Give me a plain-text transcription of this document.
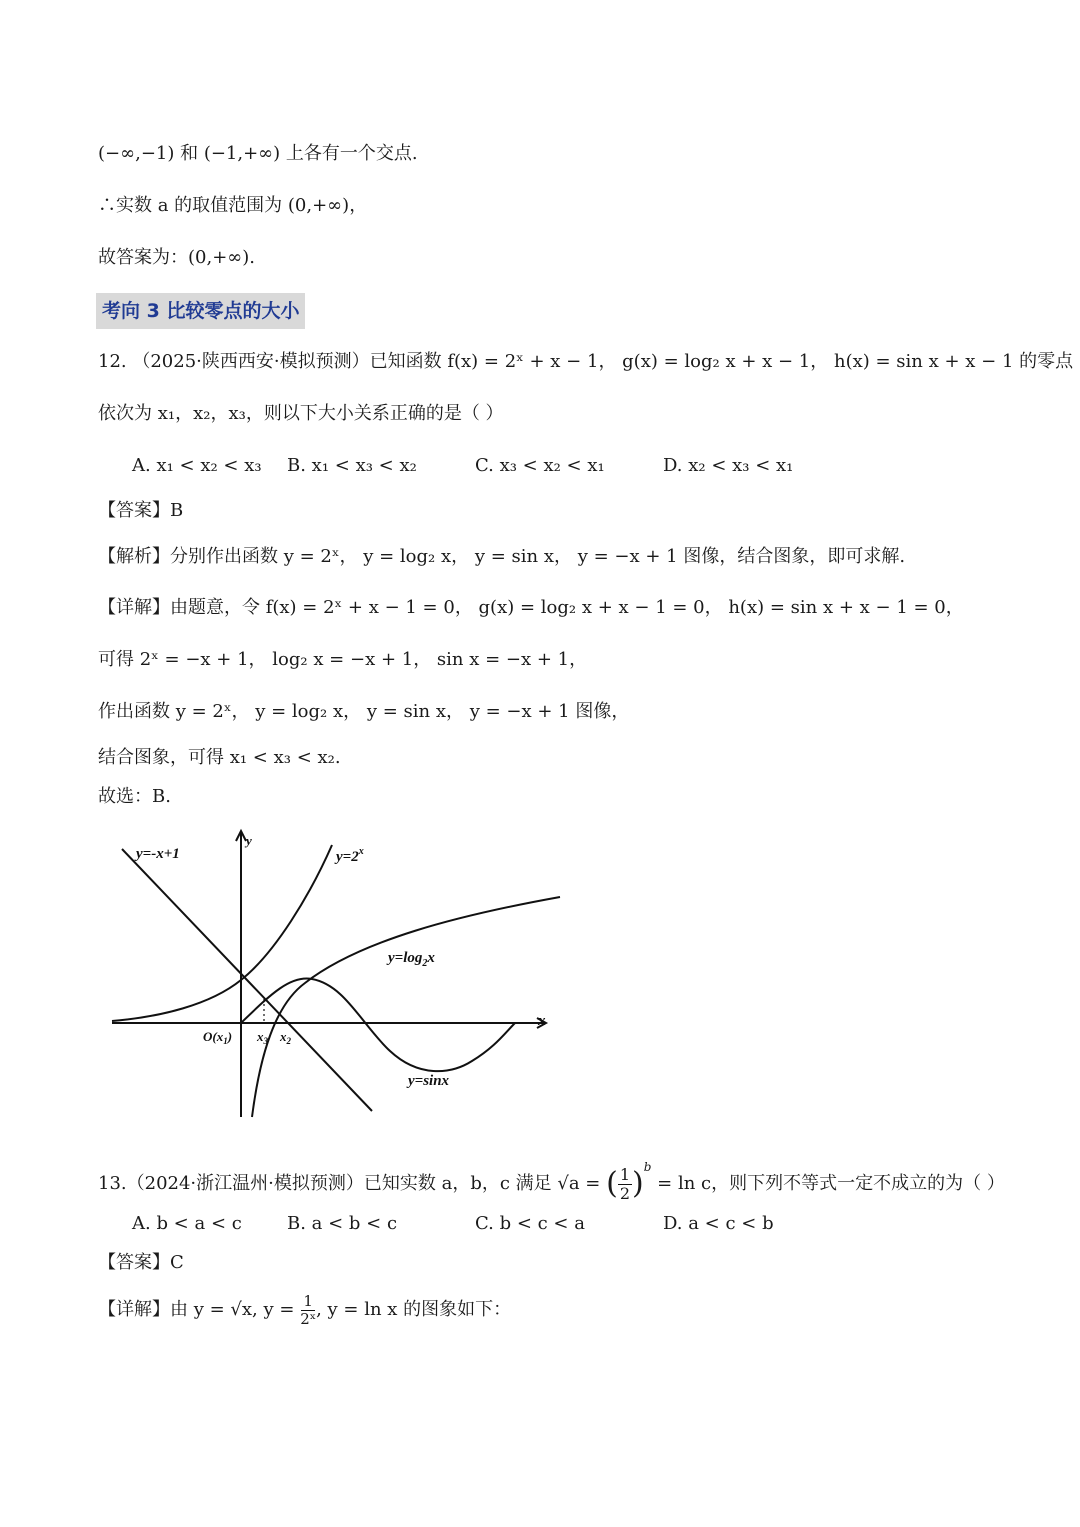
(−∞,−1) 和 (−1,+∞) 上各有一个交点.
∴实数 a 的取值范围为 (0,+∞)，
故答案为：(0,+∞).
考向 3 比较零点的大小
12. （2025·陕西西安·模拟预测）已知函数 f(x) = 2ˣ + x − 1， g(x) = log₂ x + x − 1， h(x) = sin x + x − 1 的零点
依次为 x₁，x₂，x₃，则以下大小关系正确的是（ ）
A. x₁ < x₂ < x₃ B. x₁ < x₃ < x₂	C. x₃ < x₂ < x₁	D. x₂ < x₃ < x₁
【答案】B
【解析】分别作出函数 y = 2ˣ， y = log₂ x， y = sin x， y = −x + 1 图像，结合图象，即可求解.
【详解】由题意，令 f(x) = 2ˣ + x − 1 = 0， g(x) = log₂ x + x − 1 = 0， h(x) = sin x + x − 1 = 0，
可得 2ˣ = −x + 1， log₂ x = −x + 1， sin x = −x + 1，
作出函数 y = 2ˣ， y = log₂ x， y = sin x， y = −x + 1 图像，
结合图象，可得 x₁ < x₃ < x₂.
故选：B.
y=-x+1	$y=2^x$
$y=\log_2x$
y=sinx
$O(x_1)$ $x_3$ $x_2$
x
y
13.（2024·浙江温州·模拟预测）已知实数 a，b，c 满足 √a = ( $\frac{1}{2} )^b = \ln c$，则下列不等式一定不成立的为（ ）
A. b < a < c	B. a < b < c	C. b < c < a	D. a < c < b
【答案】C
【详解】由 y = √x, $y = \frac{1}{\text{2ˣ}}$ , y = ln x 的图象如下：
